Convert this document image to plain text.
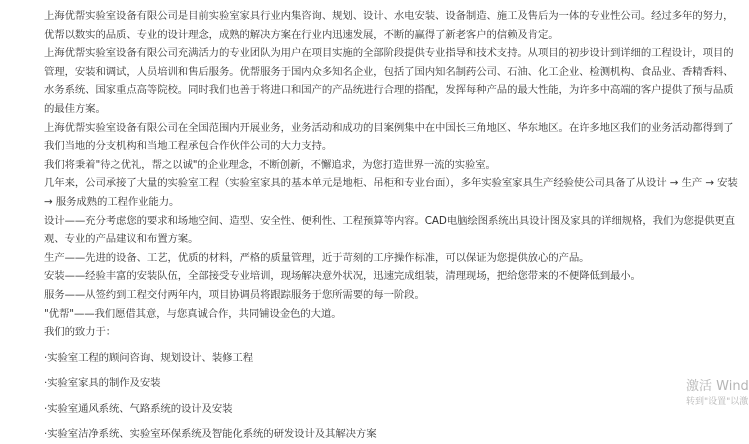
上海优帮实验室设备有限公司是目前实验室家具行业内集咨询、规划、设计、水电安装、设备制造、施工及售后为一体的专业性公司。经过多年的努力，优帮以数实的品质、专业的设计理念，成熟的解决方案在行业内迅速发展，不断的赢得了新老客户的信赖及肯定。

上海优帮实验室设备有限公司充满活力的专业团队为用户在项目实施的全部阶段提供专业指导和技术支持。从项目的初步设计到详细的工程设计，项目的管理，安装和调试，人员培训和售后服务。优帮服务于国内众多知名企业，包括了国内知名制药公司、石油、化工企业、检测机构、食品业、香精香料、水务系统、国家重点高等院校。同时我们也善于将进口和国产的产品统进行合理的搭配，发挥每种产品的最大性能，为许多中高端的客户提供了预与品质的最佳方案。

上海优帮实验室设备有限公司在全国范围内开展业务，业务活动和成功的目案例集中在中国长三角地区、华东地区。在许多地区我们的业务活动都得到了我们当地的分支机构和当地工程承包合作伙伴公司的大力支持。

我们将秉着"待之优礼，帮之以诚"的企业理念，不断创新，不懈追求，为您打造世界一流的实验室。

几年来，公司承接了大量的实验室工程（实验室家具的基本单元是地柜、吊柜和专业台面），多年实验室家具生产经验使公司具备了从设计 → 生产 → 安装 → 服务成熟的工程作业能力。

设计——充分考虑您的要求和场地空间、造型、安全性、便利性、工程预算等内容。CAD电脑绘图系统出具设计图及家具的详细规格，我们为您提供更直观、专业的产品建议和布置方案。

生产——先进的设备、工艺，优质的材料，严格的质量管理，近于苛刻的工序操作标准，可以保证为您提供放心的产品。

安装——经验丰富的安装队伍，全部接受专业培训，现场解决意外状况，迅速完成组装，清理现场，把给您带来的不便降低到最小。

服务——从签约到工程交付两年内，项目协调员将跟踪服务于您所需要的每一阶段。

"优帮"——我们愿借其意，与您真诚合作，共同铺设金色的大道。

我们的致力于：

·实验室工程的顾问咨询、规划设计、装修工程

·实验室家具的制作及安装

·实验室通风系统、气路系统的设计及安装

·实验室洁净系统、实验室环保系统及智能化系统的研发设计及其解决方案

激活 Wind
转到"设置"以激
